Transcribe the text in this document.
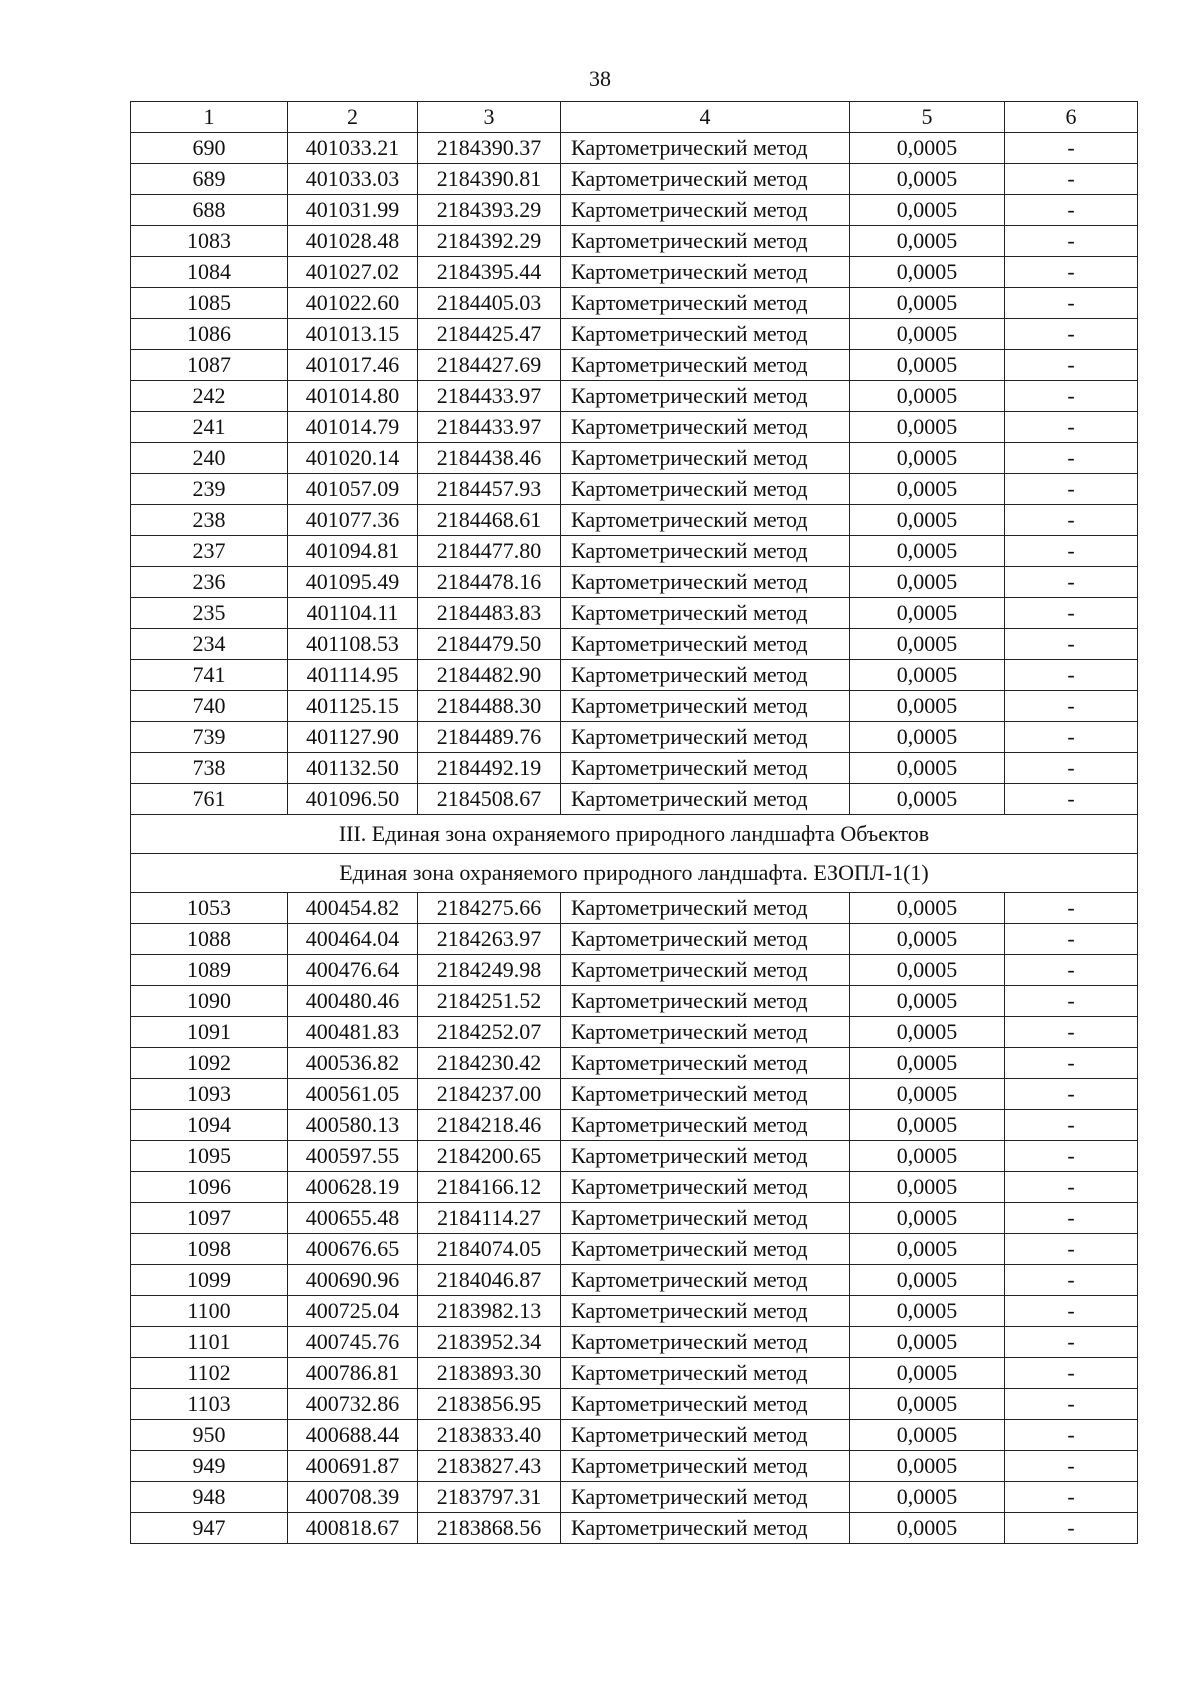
38
1	2	3	4	5	6
690	401033.21	2184390.37	Картометрический метод	0,0005	-
689	401033.03	2184390.81	Картометрический метод	0,0005	-
688	401031.99	2184393.29	Картометрический метод	0,0005	-
1083	401028.48	2184392.29	Картометрический метод	0,0005	-
1084	401027.02	2184395.44	Картометрический метод	0,0005	-
1085	401022.60	2184405.03	Картометрический метод	0,0005	-
1086	401013.15	2184425.47	Картометрический метод	0,0005	-
1087	401017.46	2184427.69	Картометрический метод	0,0005	-
242	401014.80	2184433.97	Картометрический метод	0,0005	-
241	401014.79	2184433.97	Картометрический метод	0,0005	-
240	401020.14	2184438.46	Картометрический метод	0,0005	-
239	401057.09	2184457.93	Картометрический метод	0,0005	-
238	401077.36	2184468.61	Картометрический метод	0,0005	-
237	401094.81	2184477.80	Картометрический метод	0,0005	-
236	401095.49	2184478.16	Картометрический метод	0,0005	-
235	401104.11	2184483.83	Картометрический метод	0,0005	-
234	401108.53	2184479.50	Картометрический метод	0,0005	-
741	401114.95	2184482.90	Картометрический метод	0,0005	-
740	401125.15	2184488.30	Картометрический метод	0,0005	-
739	401127.90	2184489.76	Картометрический метод	0,0005	-
738	401132.50	2184492.19	Картометрический метод	0,0005	-
761	401096.50	2184508.67	Картометрический метод	0,0005	-
III. Единая зона охраняемого природного ландшафта Объектов					
Единая зона охраняемого природного ландшафта. ЕЗОПЛ-1(1)					
1053	400454.82	2184275.66	Картометрический метод	0,0005	-
1088	400464.04	2184263.97	Картометрический метод	0,0005	-
1089	400476.64	2184249.98	Картометрический метод	0,0005	-
1090	400480.46	2184251.52	Картометрический метод	0,0005	-
1091	400481.83	2184252.07	Картометрический метод	0,0005	-
1092	400536.82	2184230.42	Картометрический метод	0,0005	-
1093	400561.05	2184237.00	Картометрический метод	0,0005	-
1094	400580.13	2184218.46	Картометрический метод	0,0005	-
1095	400597.55	2184200.65	Картометрический метод	0,0005	-
1096	400628.19	2184166.12	Картометрический метод	0,0005	-
1097	400655.48	2184114.27	Картометрический метод	0,0005	-
1098	400676.65	2184074.05	Картометрический метод	0,0005	-
1099	400690.96	2184046.87	Картометрический метод	0,0005	-
1100	400725.04	2183982.13	Картометрический метод	0,0005	-
1101	400745.76	2183952.34	Картометрический метод	0,0005	-
1102	400786.81	2183893.30	Картометрический метод	0,0005	-
1103	400732.86	2183856.95	Картометрический метод	0,0005	-
950	400688.44	2183833.40	Картометрический метод	0,0005	-
949	400691.87	2183827.43	Картометрический метод	0,0005	-
948	400708.39	2183797.31	Картометрический метод	0,0005	-
947	400818.67	2183868.56	Картометрический метод	0,0005	-
